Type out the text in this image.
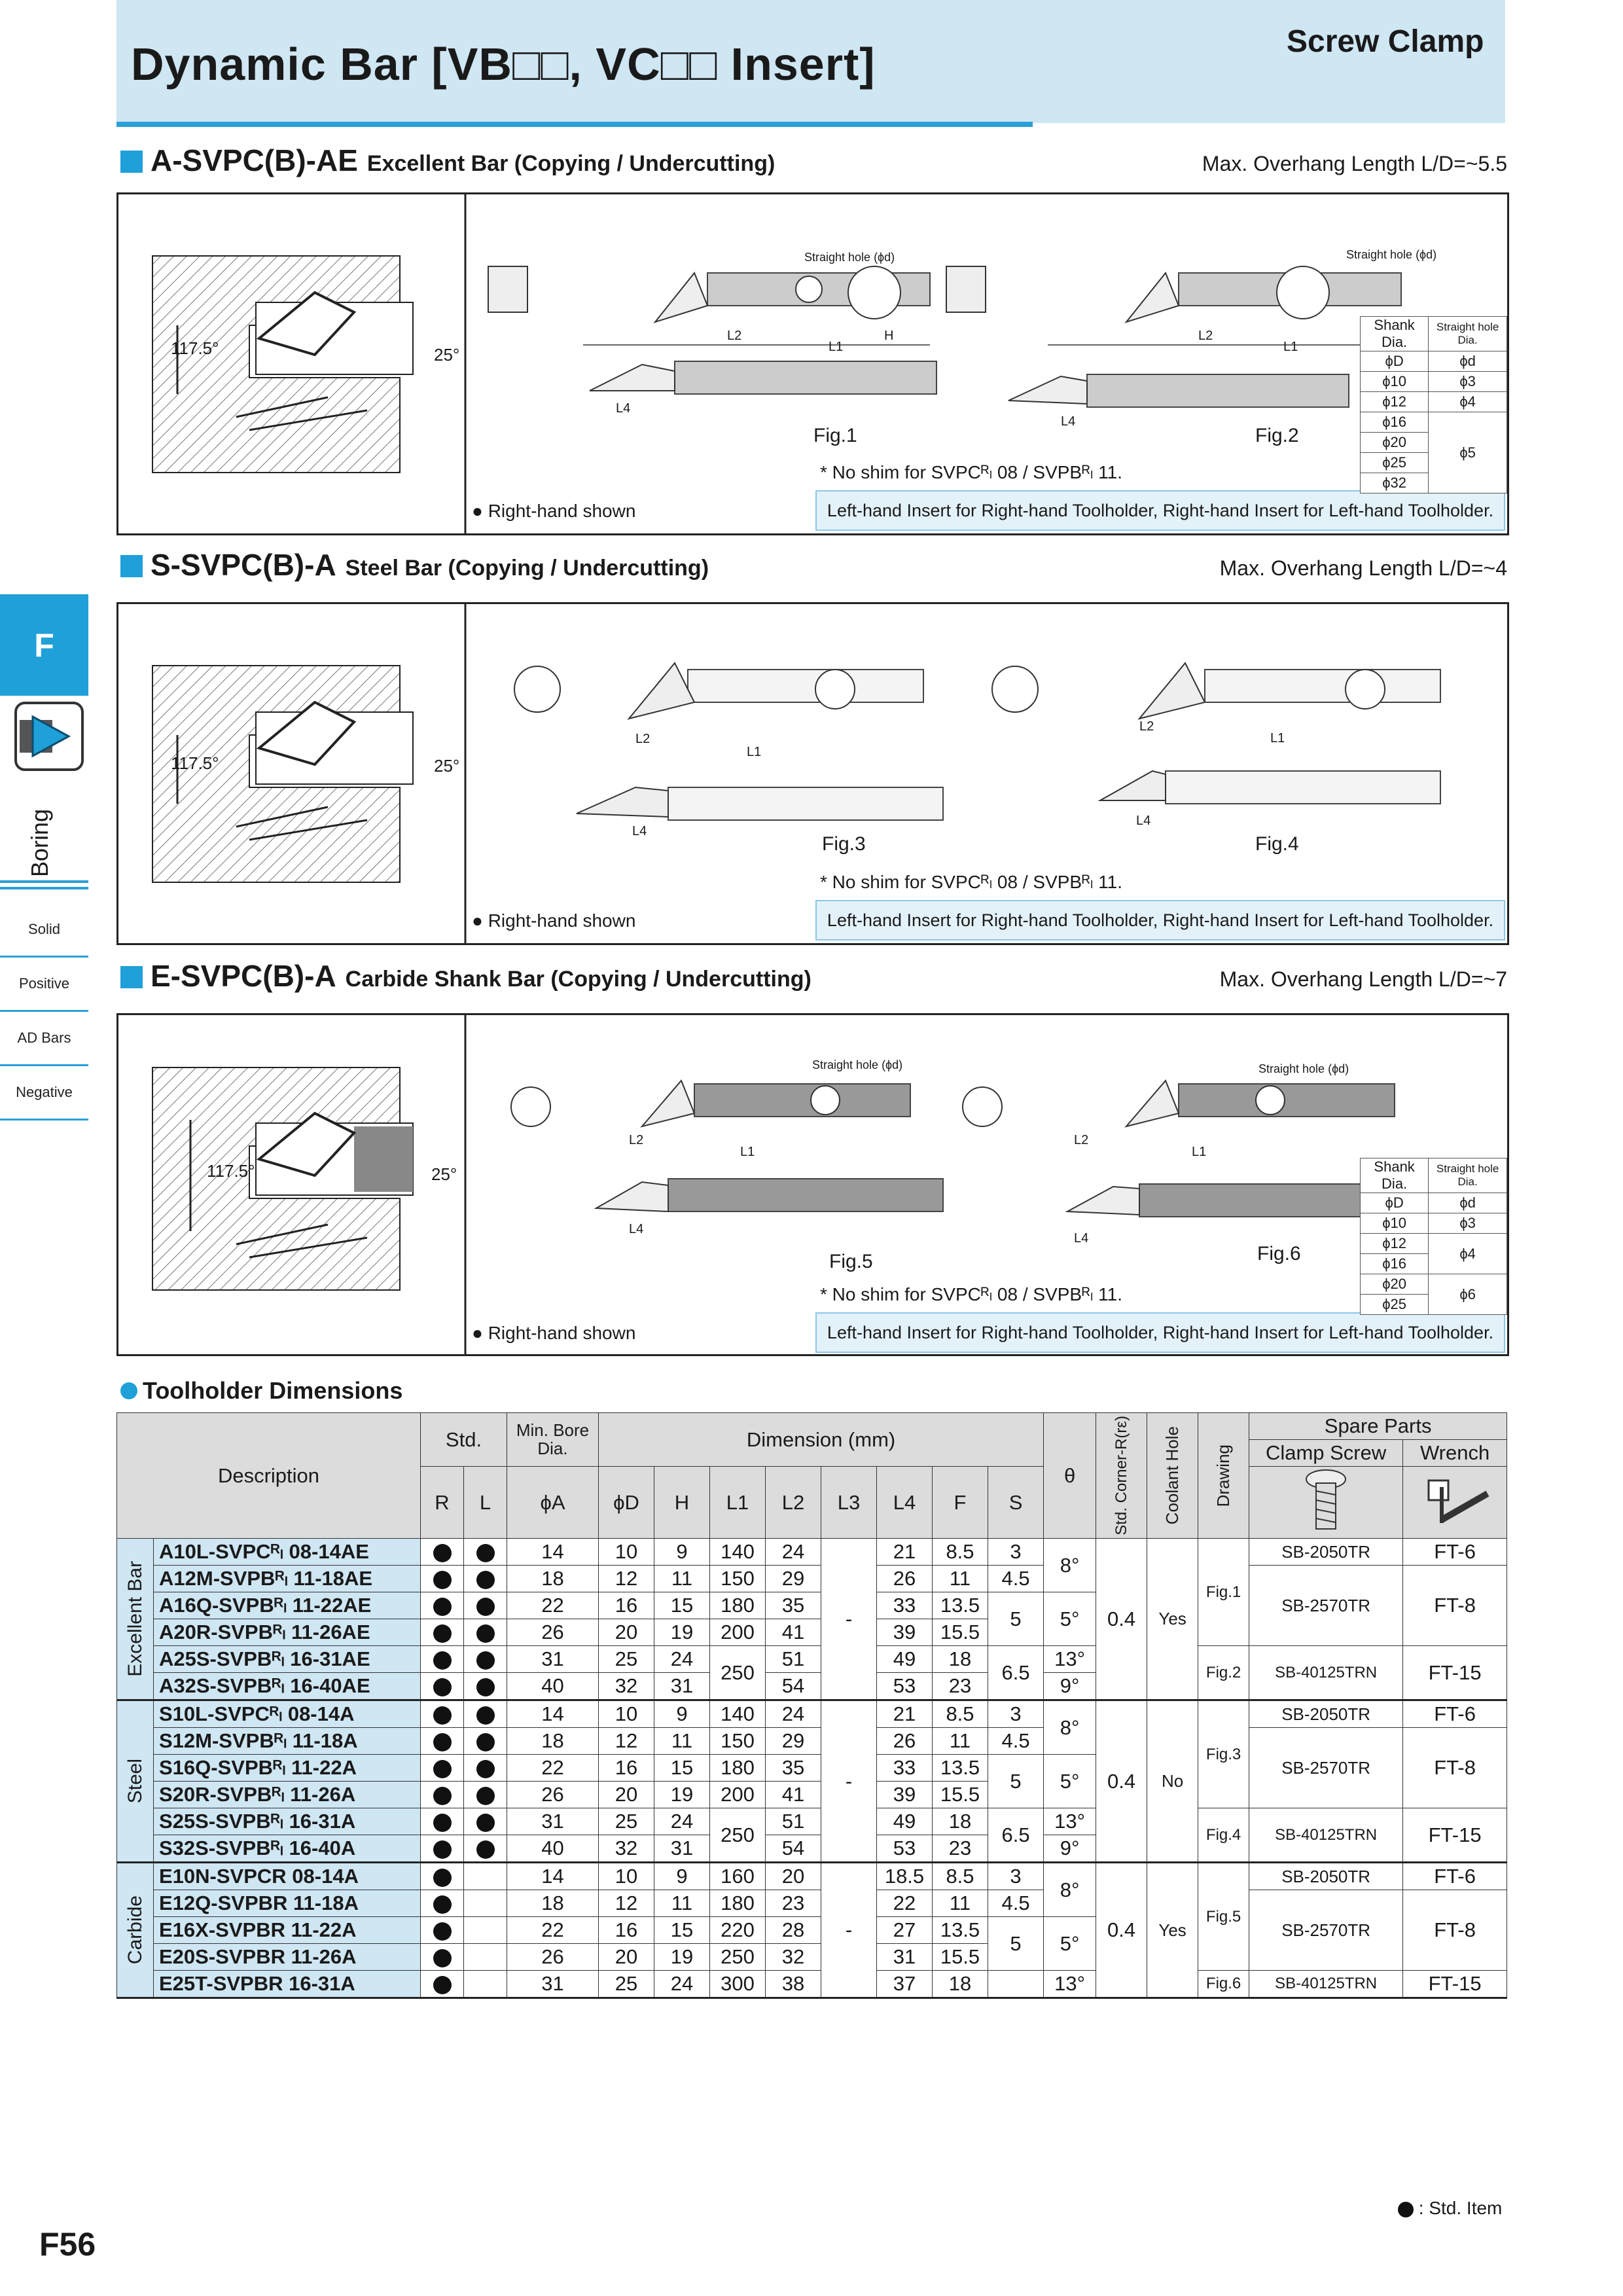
Dynamic Bar [VB□□, VC□□ Insert]	Screw Clamp
F
Boring
Solid
Positive
AD Bars
Negative
A-SVPC(B)-AE Excellent Bar (Copying / Undercutting)	Max. Overhang Length L/D=~5.5
117.5°	25°
Straight hole (ϕd)	Straight hole (ϕd)
L2	H
L1
L4
L2
L1
L4
Fig.1	Fig.2
* No shim for SVPCᴿₗ 08 / SVPBᴿₗ 11.
● Right-hand shown	Left-hand Insert for Right-hand Toolholder, Right-hand Insert for Left-hand Toolholder.
Shank Dia.	Straight hole Dia.
ϕD	ϕd
ϕ10	ϕ3
ϕ12	ϕ4
ϕ16	ϕ5
ϕ20	
ϕ25	
ϕ32	
S-SVPC(B)-A Steel Bar (Copying / Undercutting)	Max. Overhang Length L/D=~4
117.5°	25°
L2
L1
L4
L2
L1
L4
Fig.3	Fig.4
* No shim for SVPCᴿₗ 08 / SVPBᴿₗ 11.
● Right-hand shown	Left-hand Insert for Right-hand Toolholder, Right-hand Insert for Left-hand Toolholder.
E-SVPC(B)-A Carbide Shank Bar (Copying / Undercutting)	Max. Overhang Length L/D=~7
117.5°	25°
Straight hole (ϕd)	Straight hole (ϕd)
L2
L1
L4
L2
L1
L4
Fig.5	Fig.6
* No shim for SVPCᴿₗ 08 / SVPBᴿₗ 11.
● Right-hand shown	Left-hand Insert for Right-hand Toolholder, Right-hand Insert for Left-hand Toolholder.
Shank Dia.	Straight hole Dia.
ϕD	ϕd
ϕ10	ϕ3
ϕ12	ϕ4
ϕ16	
ϕ20	ϕ6
ϕ25	
Toolholder Dimensions
Description		Std.		Min. Bore Dia.	Dimension (mm)								θ	Std. Corner-R(rε)	Coolant Hole	Drawing	Spare Parts	
																	Clamp Screw	Wrench
		R	L	ϕA	ϕD	H	L1	L2	L3	L4	F	S		

Excellent Bar	A10L-SVPCᴿₗ 08-14AE			14	10	9	140	24	-	21	8.5	3	8°	0.4	Yes	Fig.1	SB-2050TR	FT-6
	A12M-SVPBᴿₗ 11-18AE			18	12	11	150	29		26	11	4.5					SB-2570TR	FT-8
	A16Q-SVPBᴿₗ 11-22AE			22	16	15	180	35		33	13.5	5	5°					
	A20R-SVPBᴿₗ 11-26AE			26	20	19	200	41		39	15.5							
	A25S-SVPBᴿₗ 16-31AE			31	25	24	250	51		49	18	6.5	13°			Fig.2	SB-40125TRN	FT-15
	A32S-SVPBᴿₗ 16-40AE			40	32	31		54		53	23		9°					

Steel	S10L-SVPCᴿₗ 08-14A			14	10	9	140	24	-	21	8.5	3	8°	0.4	No	Fig.3	SB-2050TR	FT-6
	S12M-SVPBᴿₗ 11-18A			18	12	11	150	29		26	11	4.5					SB-2570TR	FT-8
	S16Q-SVPBᴿₗ 11-22A			22	16	15	180	35		33	13.5	5	5°					
	S20R-SVPBᴿₗ 11-26A			26	20	19	200	41		39	15.5							
	S25S-SVPBᴿₗ 16-31A			31	25	24	250	51		49	18	6.5	13°			Fig.4	SB-40125TRN	FT-15
	S32S-SVPBᴿₗ 16-40A			40	32	31		54		53	23		9°					

Carbide	E10N-SVPCR 08-14A			14	10	9	160	20	-	18.5	8.5	3	8°	0.4	Yes	Fig.5	SB-2050TR	FT-6
	E12Q-SVPBR 11-18A			18	12	11	180	23		22	11	4.5					SB-2570TR	FT-8
	E16X-SVPBR 11-22A			22	16	15	220	28		27	13.5	5	5°					
	E20S-SVPBR 11-26A			26	20	19	250	32		31	15.5							
	E25T-SVPBR 16-31A			31	25	24	300	38		37	18		13°			Fig.6	SB-40125TRN	FT-15
: Std. Item
F56
